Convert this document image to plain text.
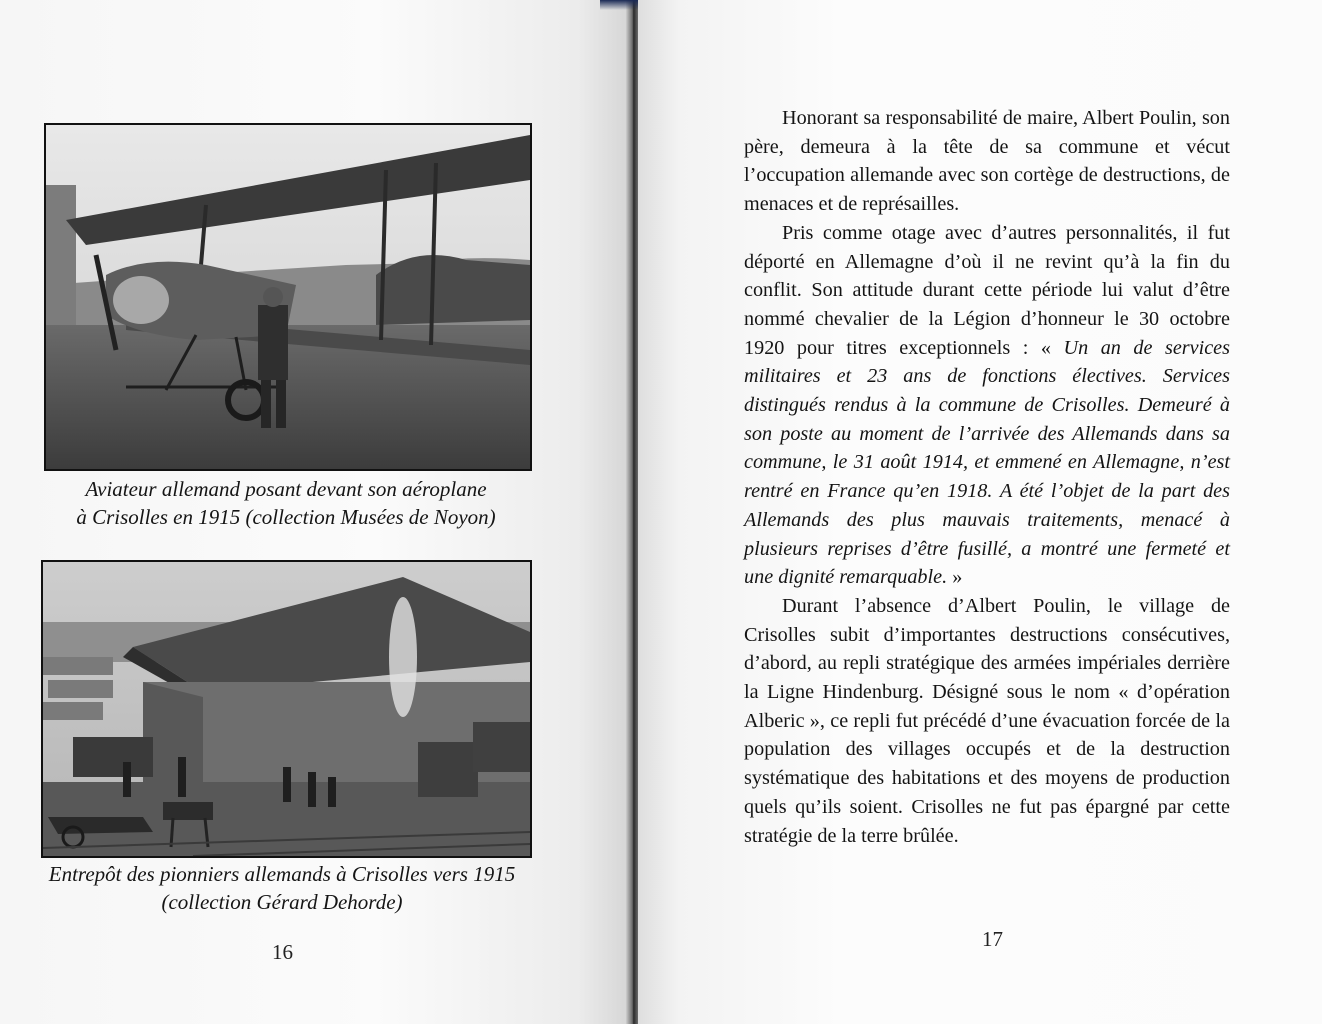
Aviateur allemand posant devant son aéroplane
à Crisolles en 1915 (collection Musées de Noyon)
Entrepôt des pionniers allemands à Crisolles vers 1915
(collection Gérard Dehorde)
16

Honorant sa responsabilité de maire, Albert Poulin, son père, demeura à la tête de sa commune et vécut l’occupation allemande avec son cortège de destructions, de menaces et de représailles.

Pris comme otage avec d’autres personnalités, il fut déporté en Allemagne d’où il ne revint qu’à la fin du conflit. Son attitude durant cette période lui valut d’être nommé chevalier de la Légion d’honneur le 30 octobre 1920 pour titres exceptionnels : « Un an de services militaires et 23 ans de fonctions électives. Services distingués rendus à la commune de Crisolles. Demeuré à son poste au moment de l’arrivée des Allemands dans sa commune, le 31 août 1914, et emmené en Allemagne, n’est rentré en France qu’en 1918. A été l’objet de la part des Allemands des plus mauvais traitements, menacé à plusieurs reprises d’être fusillé, a montré une fermeté et une dignité remarquable. »

Durant l’absence d’Albert Poulin, le village de Crisolles subit d’importantes destructions consécutives, d’abord, au repli stratégique des armées impériales derrière la Ligne Hindenburg. Désigné sous le nom « d’opération Alberic », ce repli fut précédé d’une évacuation forcée de la population des villages occupés et de la destruction systématique des habitations et des moyens de production quels qu’ils soient. Crisolles ne fut pas épargné par cette stratégie de la terre brûlée.

17
